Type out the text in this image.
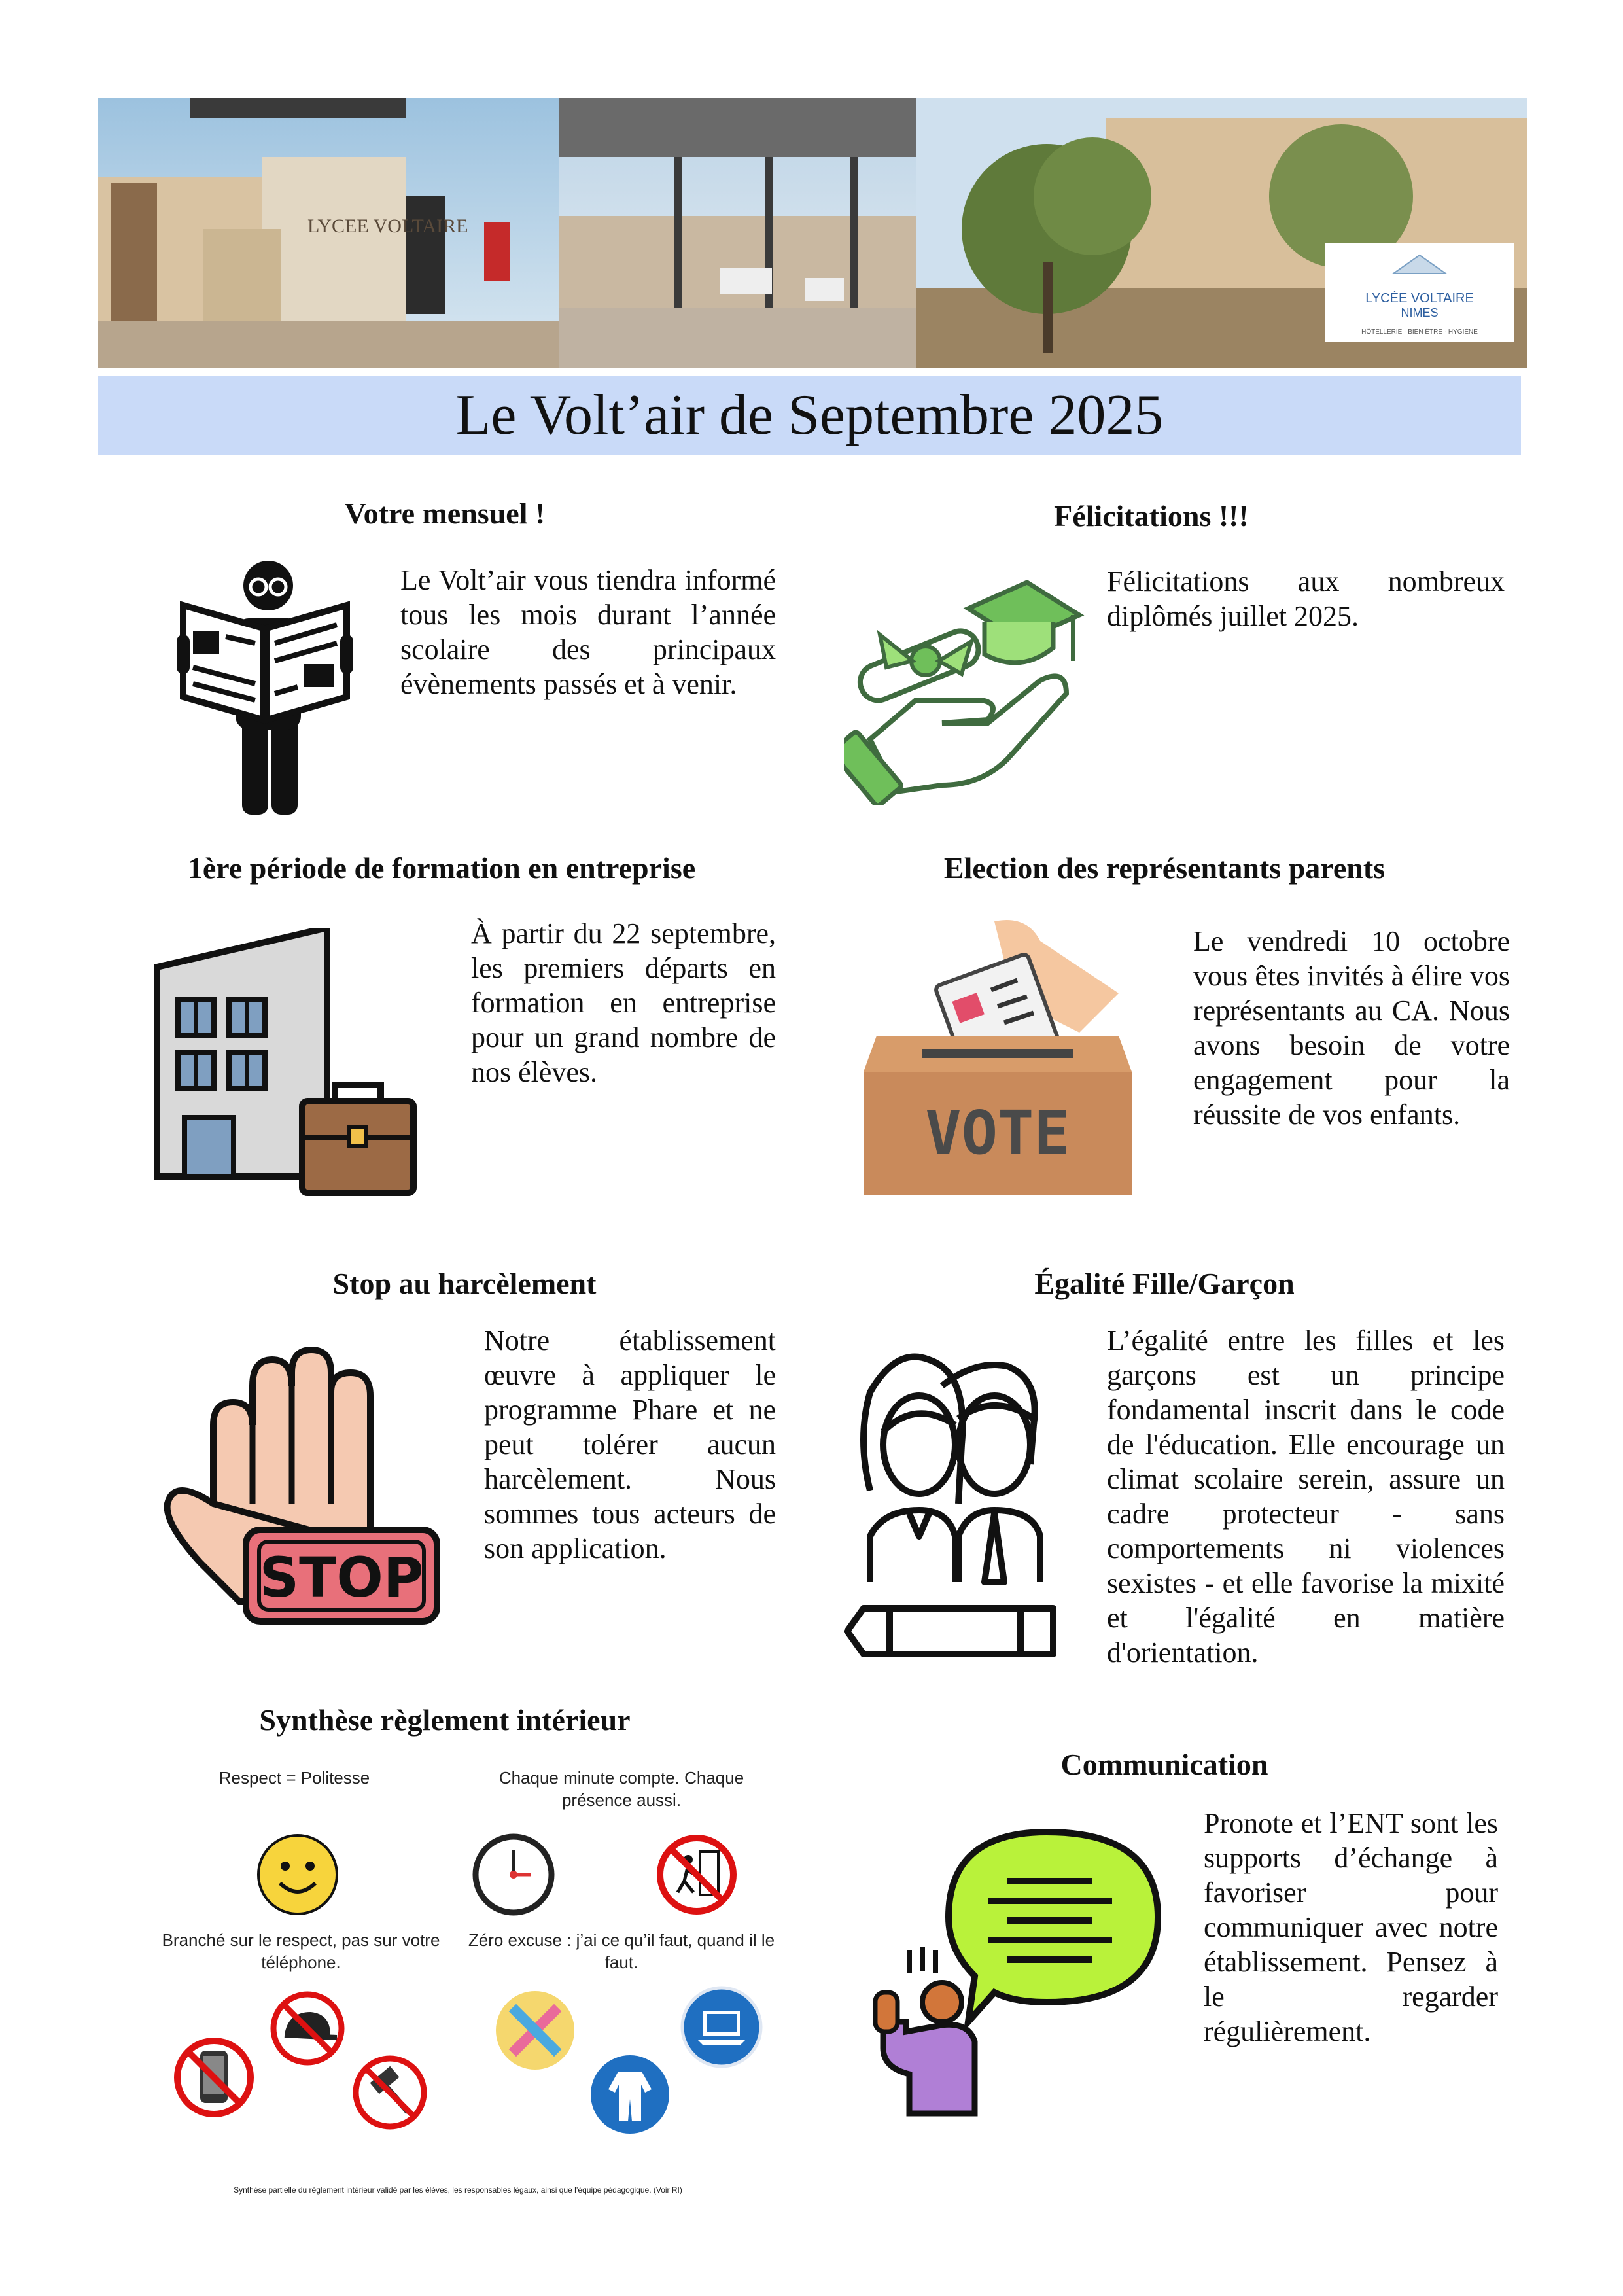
LYCEE VOLTAIRE
LYCÉE VOLTAIRE
NIMES
HÔTELLERIE · BIEN ÊTRE · HYGIÈNE
Le Volt’air de Septembre 2025
Votre mensuel !
Le Volt’air vous tiendra informé tous les mois durant l’année scolaire des principaux évènements passés et à venir.
Félicitations !!!
Félicitations aux nombreux diplômés juillet 2025.
1ère période de formation en entreprise
À partir du 22 septembre, les premiers départs en formation en entreprise pour un grand nombre de nos élèves.
Election des représentants parents
VOTE
Le vendredi 10 octobre vous êtes invités à élire vos représentants au CA. Nous avons besoin de votre engagement pour la réussite de vos enfants.
Stop au harcèlement
STOP
Notre établissement œuvre à appliquer le programme Phare et ne peut tolérer aucun harcèlement. Nous sommes tous acteurs de son application.
Égalité Fille/Garçon
L’égalité entre les filles et les garçons est un principe fondamental inscrit dans le code de l'éducation. Elle encourage un climat scolaire serein, assure un cadre protecteur - sans comportements ni violences sexistes - et elle favorise la mixité et l'égalité en matière d'orientation.
Synthèse règlement intérieur
Respect = Politesse	Chaque minute compte. Chaque présence aussi.
Branché sur le respect, pas sur votre téléphone.
Zéro excuse : j’ai ce qu’il faut, quand il le faut.
Synthèse partielle du règlement intérieur validé par les élèves, les responsables légaux, ainsi que l’équipe pédagogique. (Voir RI)
Communication
Pronote et l’ENT sont les supports d’échange à favoriser pour communiquer avec notre établissement. Pensez à le regarder régulièrement.
